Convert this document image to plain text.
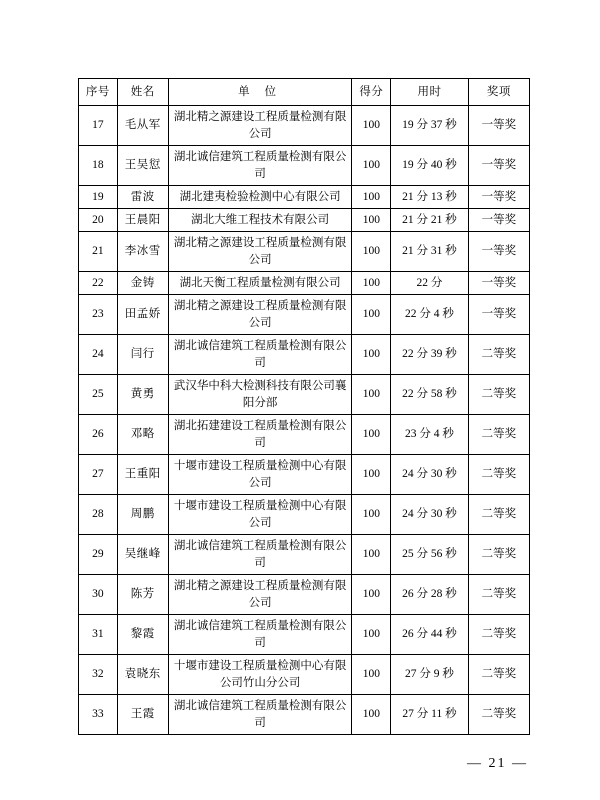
序号	姓名	单 位	得分	用时	奖项
17	毛从军	湖北精之源建设工程质量检测有限公司	100	19 分 37 秒	一等奖
18	王吴愆	湖北诚信建筑工程质量检测有限公司	100	19 分 40 秒	一等奖
19	雷波	湖北建夷检验检测中心有限公司	100	21 分 13 秒	一等奖
20	王晨阳	湖北大维工程技术有限公司	100	21 分 21 秒	一等奖
21	李冰雪	湖北精之源建设工程质量检测有限公司	100	21 分 31 秒	一等奖
22	金铸	湖北天衡工程质量检测有限公司	100	22 分	一等奖
23	田孟娇	湖北精之源建设工程质量检测有限公司	100	22 分 4 秒	一等奖
24	闫行	湖北诚信建筑工程质量检测有限公司	100	22 分 39 秒	二等奖
25	黄勇	武汉华中科大检测科技有限公司襄阳分部	100	22 分 58 秒	二等奖
26	邓略	湖北拓建建设工程质量检测有限公司	100	23 分 4 秒	二等奖
27	王重阳	十堰市建设工程质量检测中心有限公司	100	24 分 30 秒	二等奖
28	周鹏	十堰市建设工程质量检测中心有限公司	100	24 分 30 秒	二等奖
29	吴继峰	湖北诚信建筑工程质量检测有限公司	100	25 分 56 秒	二等奖
30	陈芳	湖北精之源建设工程质量检测有限公司	100	26 分 28 秒	二等奖
31	黎霞	湖北诚信建筑工程质量检测有限公司	100	26 分 44 秒	二等奖
32	袁晓东	十堰市建设工程质量检测中心有限公司竹山分公司	100	27 分 9 秒	二等奖
33	王霞	湖北诚信建筑工程质量检测有限公司	100	27 分 11 秒	二等奖
— 21 —
